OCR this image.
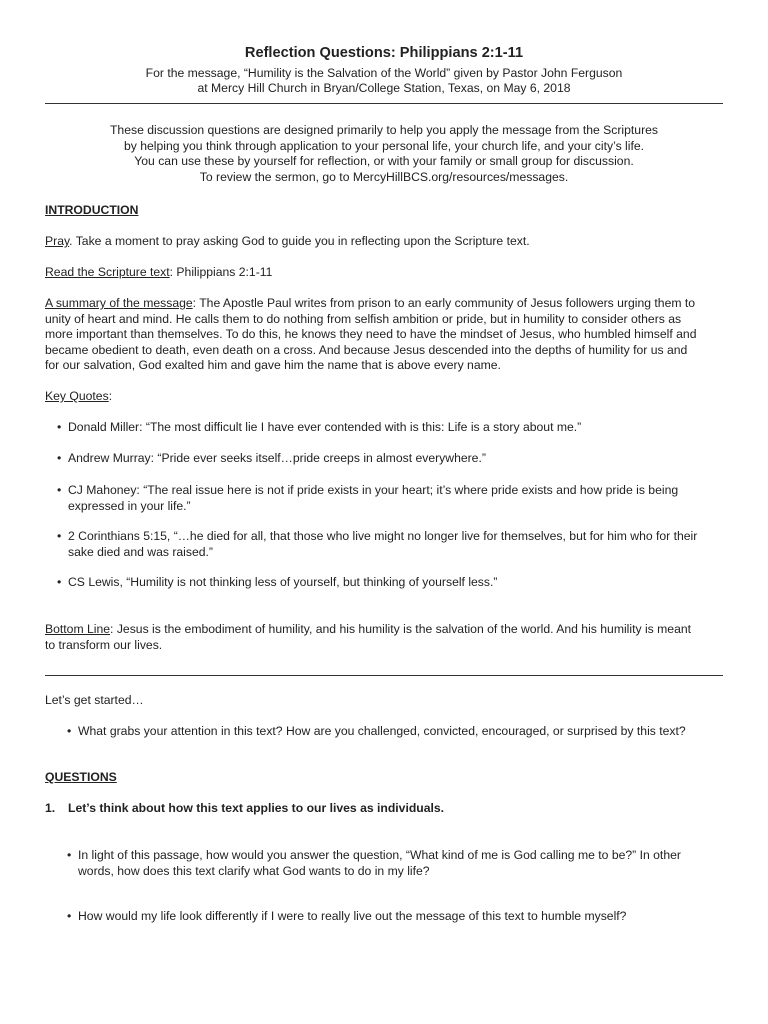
Reflection Questions: Philippians 2:1-11
For the message, “Humility is the Salvation of the World” given by Pastor John Ferguson
at Mercy Hill Church in Bryan/College Station, Texas, on May 6, 2018
These discussion questions are designed primarily to help you apply the message from the Scriptures
by helping you think through application to your personal life, your church life, and your city’s life.
You can use these by yourself for reflection, or with your family or small group for discussion.
To review the sermon, go to MercyHillBCS.org/resources/messages.
INTRODUCTION
Pray. Take a moment to pray asking God to guide you in reflecting upon the Scripture text.
Read the Scripture text: Philippians 2:1-11
A summary of the message: The Apostle Paul writes from prison to an early community of Jesus followers urging them to
unity of heart and mind. He calls them to do nothing from selfish ambition or pride, but in humility to consider others as
more important than themselves. To do this, he knows they need to have the mindset of Jesus, who humbled himself and
became obedient to death, even death on a cross. And because Jesus descended into the depths of humility for us and
for our salvation, God exalted him and gave him the name that is above every name.
Key Quotes:
• Donald Miller: “The most difficult lie I have ever contended with is this: Life is a story about me.”
• Andrew Murray: “Pride ever seeks itself…pride creeps in almost everywhere.”
• CJ Mahoney: “The real issue here is not if pride exists in your heart; it’s where pride exists and how pride is being
expressed in your life.”
• 2 Corinthians 5:15, “…he died for all, that those who live might no longer live for themselves, but for him who for their
sake died and was raised.”
• CS Lewis, “Humility is not thinking less of yourself, but thinking of yourself less.”
Bottom Line: Jesus is the embodiment of humility, and his humility is the salvation of the world. And his humility is meant
to transform our lives.
Let’s get started…
• What grabs your attention in this text? How are you challenged, convicted, encouraged, or surprised by this text?
QUESTIONS
1. Let’s think about how this text applies to our lives as individuals.
• In light of this passage, how would you answer the question, “What kind of me is God calling me to be?” In other
words, how does this text clarify what God wants to do in my life?
• How would my life look differently if I were to really live out the message of this text to humble myself?
